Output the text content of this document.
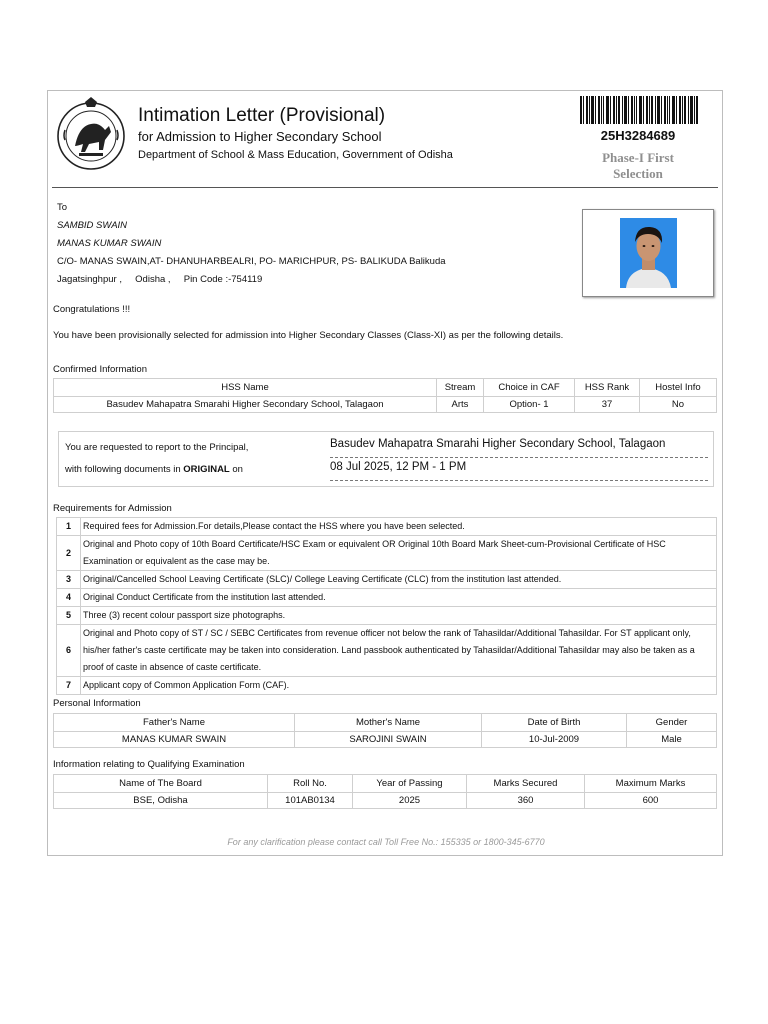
Intimation Letter (Provisional)
for Admission to Higher Secondary School
Department of School & Mass Education, Government of Odisha
25H3284689
Phase-I First
Selection
To
SAMBID SWAIN
MANAS KUMAR SWAIN
C/O- MANAS SWAIN,AT- DHANUHARBEALRI, PO- MARICHPUR, PS- BALIKUDA Balikuda
Jagatsinghpur ,     Odisha ,     Pin Code :-754119
Congratulations !!!
You have been provisionally selected for admission into Higher Secondary Classes (Class-XI) as per the following details.
Confirmed Information
HSS Name	Stream	Choice in CAF	HSS Rank	Hostel Info
Basudev Mahapatra Smarahi Higher Secondary School, Talagaon	Arts	Option- 1	37	No
You are requested to report to the Principal,
with following documents in ORIGINAL on
Basudev Mahapatra Smarahi Higher Secondary School, Talagaon
08 Jul 2025, 12 PM - 1 PM
Requirements for Admission
1	Required fees for Admission.For details,Please contact the HSS where you have been selected.
2	Original and Photo copy of 10th Board Certificate/HSC Exam or equivalent OR Original 10th Board Mark Sheet-cum-Provisional Certificate of HSC Examination or equivalent as the case may be.
3	Original/Cancelled School Leaving Certificate (SLC)/ College Leaving Certificate (CLC) from the institution last attended.
4	Original Conduct Certificate from the institution last attended.
5	Three (3) recent colour passport size photographs.
6	Original and Photo copy of ST / SC / SEBC Certificates from revenue officer not below the rank of Tahasildar/Additional Tahasildar. For ST applicant only, his/her father's caste certificate may be taken into consideration. Land passbook authenticated by Tahasildar/Additional Tahasildar may also be taken as a proof of caste in absence of caste certificate.
7	Applicant copy of Common Application Form (CAF).
Personal Information
Father's Name	Mother's Name	Date of Birth	Gender
MANAS KUMAR SWAIN	SAROJINI SWAIN	10-Jul-2009	Male
Information relating to Qualifying Examination
Name of The Board	Roll No.	Year of Passing	Marks Secured	Maximum Marks
BSE, Odisha	101AB0134	2025	360	600
For any clarification please contact call Toll Free No.: 155335 or 1800-345-6770
